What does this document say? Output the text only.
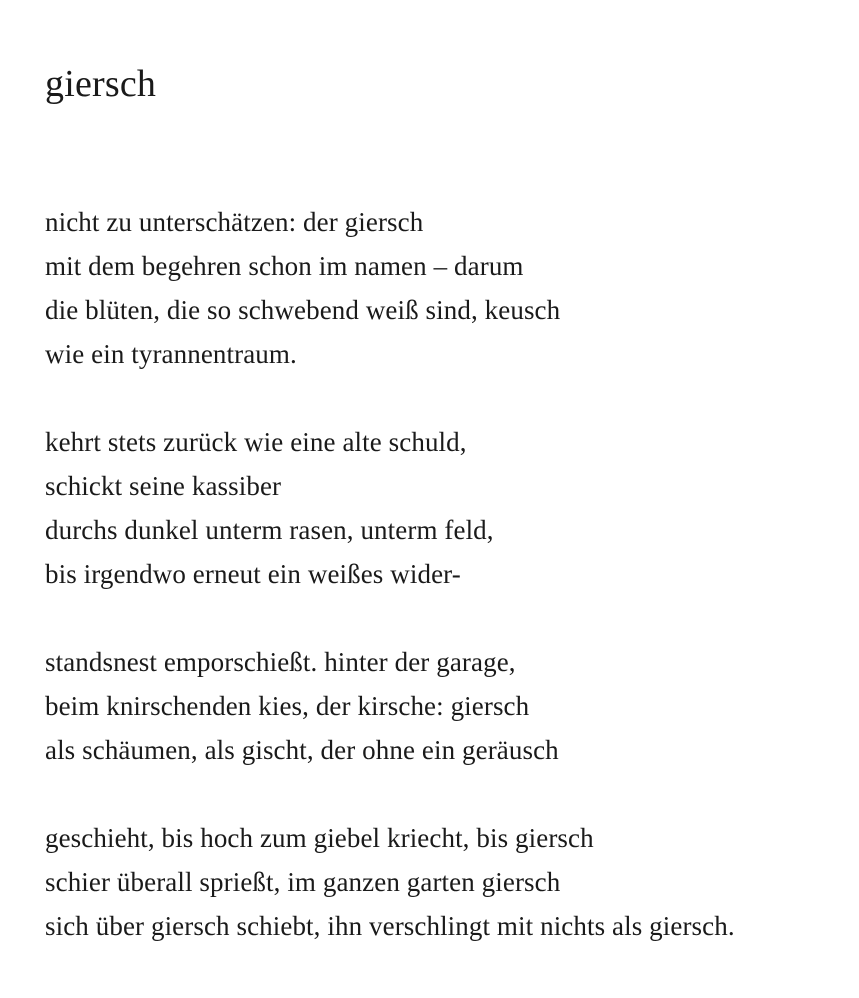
giersch
nicht zu unterschätzen: der giersch
mit dem begehren schon im namen – darum
die blüten, die so schwebend weiß sind, keusch
wie ein tyrannentraum.
kehrt stets zurück wie eine alte schuld,
schickt seine kassiber
durchs dunkel unterm rasen, unterm feld,
bis irgendwo erneut ein weißes wider-
standsnest emporschießt. hinter der garage,
beim knirschenden kies, der kirsche: giersch
als schäumen, als gischt, der ohne ein geräusch
geschieht, bis hoch zum giebel kriecht, bis giersch
schier überall sprießt, im ganzen garten giersch
sich über giersch schiebt, ihn verschlingt mit nichts als giersch.
